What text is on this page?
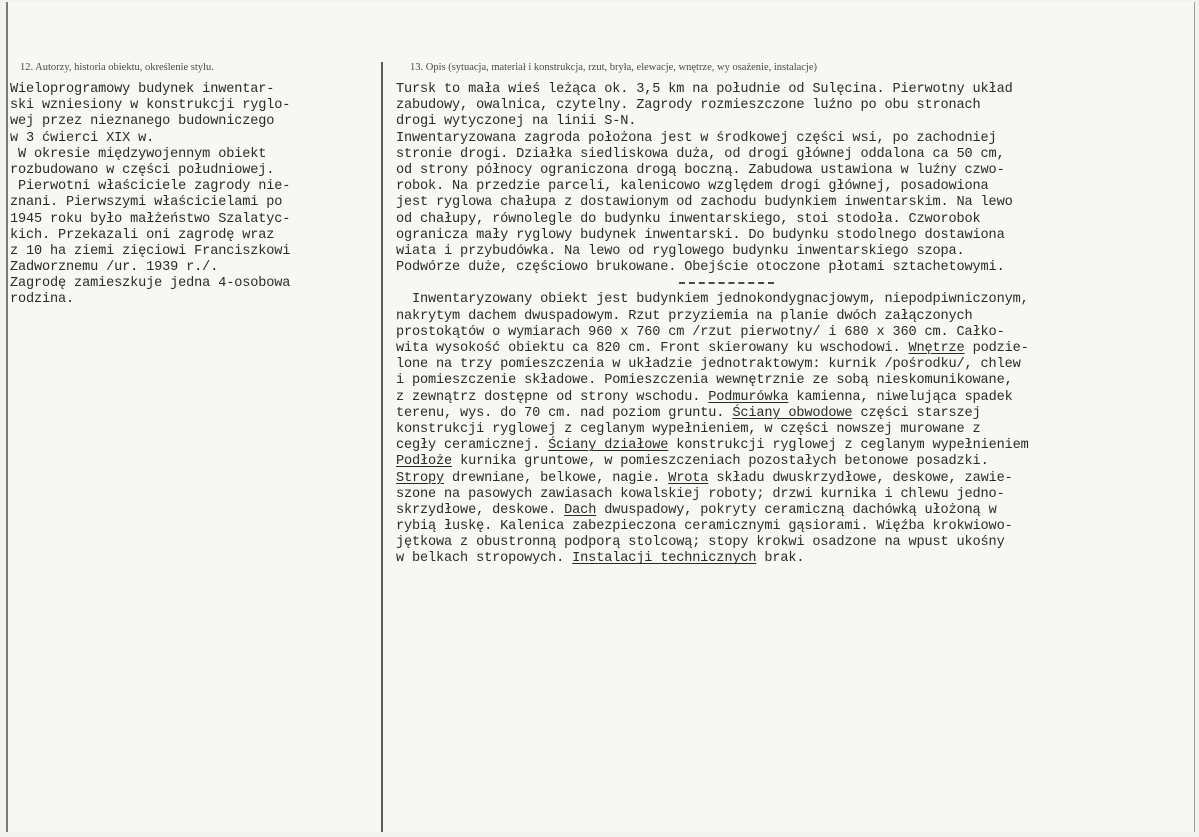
12. Autorzy, historia obiektu, określenie stylu.	13. Opis (sytuacja, materiał i konstrukcja, rzut, bryła, elewacje, wnętrze, wy osażenie, instalacje)
Wieloprogramowy budynek inwentar-
ski wzniesiony w konstrukcji ryglo-
wej przez nieznanego budowniczego
w 3 ćwierci XIX w.
W okresie międzywojennym obiekt
rozbudowano w części południowej.
Pierwotni właściciele zagrody nie-
znani. Pierwszymi właścicielami po
1945 roku było małżeństwo Szalatyc-
kich. Przekazali oni zagrodę wraz
z 10 ha ziemi zięciowi Franciszkowi
Zadworznemu /ur. 1939 r./.
Zagrodę zamieszkuje jedna 4-osobowa
rodzina.
Tursk to mała wieś leżąca ok. 3,5 km na południe od Sulęcina. Pierwotny układ
zabudowy, owalnica, czytelny. Zagrody rozmieszczone luźno po obu stronach
drogi wytyczonej na linii S-N.
Inwentaryzowana zagroda położona jest w środkowej części wsi, po zachodniej
stronie drogi. Działka siedliskowa duża, od drogi głównej oddalona ca 50 cm,
od strony północy ograniczona drogą boczną. Zabudowa ustawiona w luźny czwo-
robok. Na przedzie parceli, kalenicowo względem drogi głównej, posadowiona
jest ryglowa chałupa z dostawionym od zachodu budynkiem inwentarskim. Na lewo
od chałupy, równolegle do budynku inwentarskiego, stoi stodoła. Czworobok
ogranicza mały ryglowy budynek inwentarski. Do budynku stodolnego dostawiona
wiata i przybudówka. Na lewo od ryglowego budynku inwentarskiego szopa.
Podwórze duże, częściowo brukowane. Obejście otoczone płotami sztachetowymi.
Inwentaryzowany obiekt jest budynkiem jednokondygnacjowym, niepodpiwniczonym,
nakrytym dachem dwuspadowym. Rzut przyziemia na planie dwóch załączonych
prostokątów o wymiarach 960 x 760 cm /rzut pierwotny/ i 680 x 360 cm. Całko-
wita wysokość obiektu ca 820 cm. Front skierowany ku wschodowi. Wnętrze podzie-
lone na trzy pomieszczenia w układzie jednotraktowym: kurnik /pośrodku/, chlew
i pomieszczenie składowe. Pomieszczenia wewnętrznie ze sobą nieskomunikowane,
z zewnątrz dostępne od strony wschodu. Podmurówka kamienna, niwelująca spadek
terenu, wys. do 70 cm. nad poziom gruntu. Ściany obwodowe części starszej
konstrukcji ryglowej z ceglanym wypełnieniem, w części nowszej murowane z
cegły ceramicznej. Ściany działowe konstrukcji ryglowej z ceglanym wypełnieniem
Podłoże kurnika gruntowe, w pomieszczeniach pozostałych betonowe posadzki.
Stropy drewniane, belkowe, nagie. Wrota składu dwuskrzydłowe, deskowe, zawie-
szone na pasowych zawiasach kowalskiej roboty; drzwi kurnika i chlewu jedno-
skrzydłowe, deskowe. Dach dwuspadowy, pokryty ceramiczną dachówką ułożoną w
rybią łuskę. Kalenica zabezpieczona ceramicznymi gąsiorami. Więźba krokwiowo-
jętkowa z obustronną podporą stolcową; stopy krokwi osadzone na wpust ukośny
w belkach stropowych. Instalacji technicznych brak.
